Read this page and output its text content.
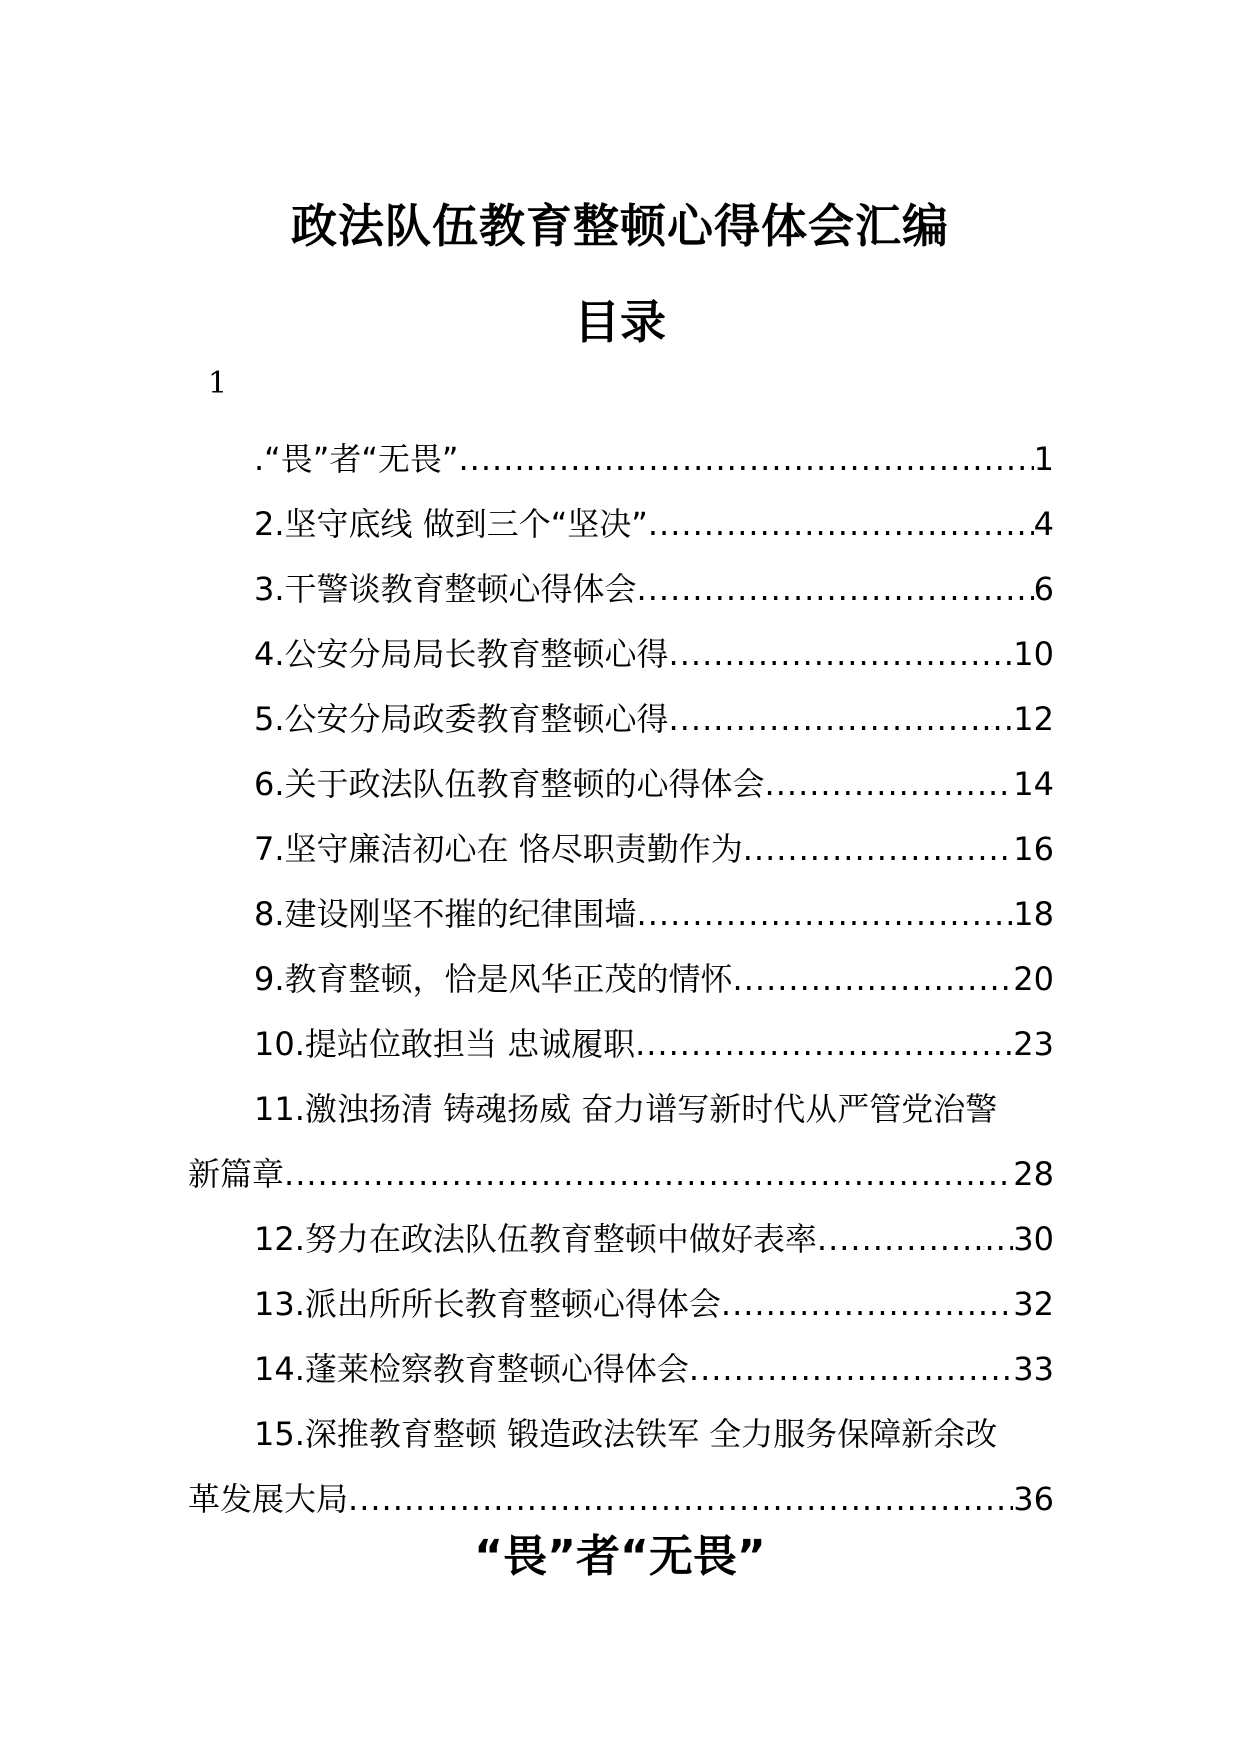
政法队伍教育整顿心得体会汇编
目录
1
.“畏”者“无畏” .....	1
2.坚守底线 做到三个“坚决” .....	4
3.干警谈教育整顿心得体会 .....	6
4.公安分局局长教育整顿心得 .....	10
5.公安分局政委教育整顿心得 .....	12
6.关于政法队伍教育整顿的心得体会 .....	14
7.坚守廉洁初心在 恪尽职责勤作为 .....	16
8.建设刚坚不摧的纪律围墙 .....	18
9.教育整顿，恰是风华正茂的情怀 .....	20
10.提站位敢担当 忠诚履职 .....	23
11.激浊扬清 铸魂扬威 奋力谱写新时代从严管党治警
新篇章 .....	28
12.努力在政法队伍教育整顿中做好表率 .....	30
13.派出所所长教育整顿心得体会 .....	32
14.蓬莱检察教育整顿心得体会 .....	33
15.深推教育整顿 锻造政法铁军 全力服务保障新余改
革发展大局 .....	36
“畏”者“无畏”
